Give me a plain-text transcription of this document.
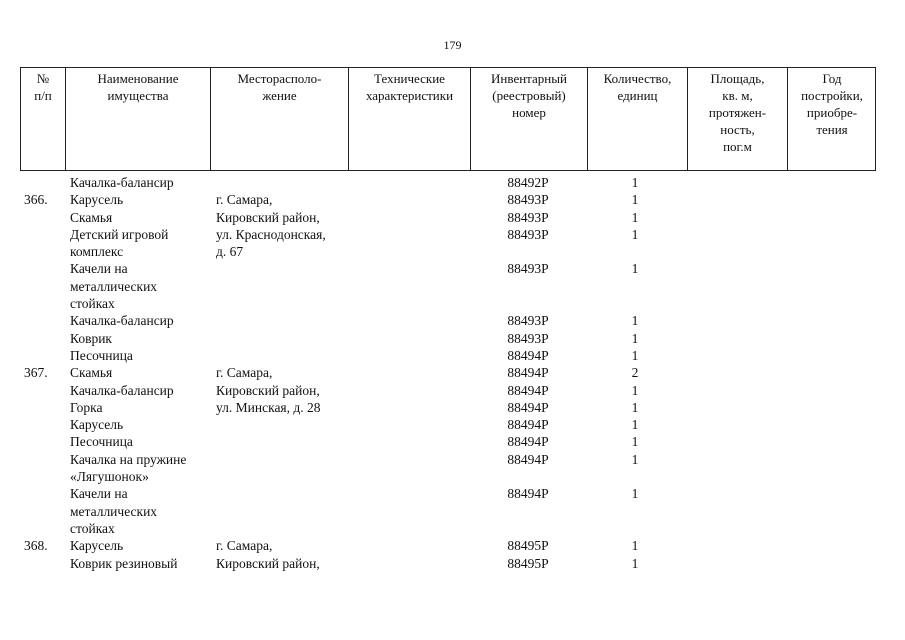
179
№
п/п
Наименование
имущества
Месторасполо-
жение
Технические
характеристики
Инвентарный
(реестровый)
номер
Количество,
единиц
Площадь,
кв. м,
протяжен-
ность,
пог.м
Год
постройки,
приобре-
тения

366.

367.

368.

Качалка-балансир
Карусель
Скамья
Детский игровой
комплекс
Качели на
металлических
стойках
Качалка-балансир
Коврик
Песочница
Скамья
Качалка-балансир
Горка
Карусель
Песочница
Качалка на пружине
«Лягушонок»
Качели на
металлических
стойках
Карусель
Коврик резиновый

г. Самара,
Кировский район,
ул. Краснодонская,
д. 67

г. Самара,
Кировский район,
ул. Минская, д. 28

г. Самара,
Кировский район,
88492Р
88493Р
88493Р
88493Р

88493Р

88493Р
88493Р
88494Р
88494Р
88494Р
88494Р
88494Р
88494Р
88494Р

88494Р

88495Р
88495Р
1
1
1
1

1

1
1
1
2
1
1
1
1
1

1

1
1
